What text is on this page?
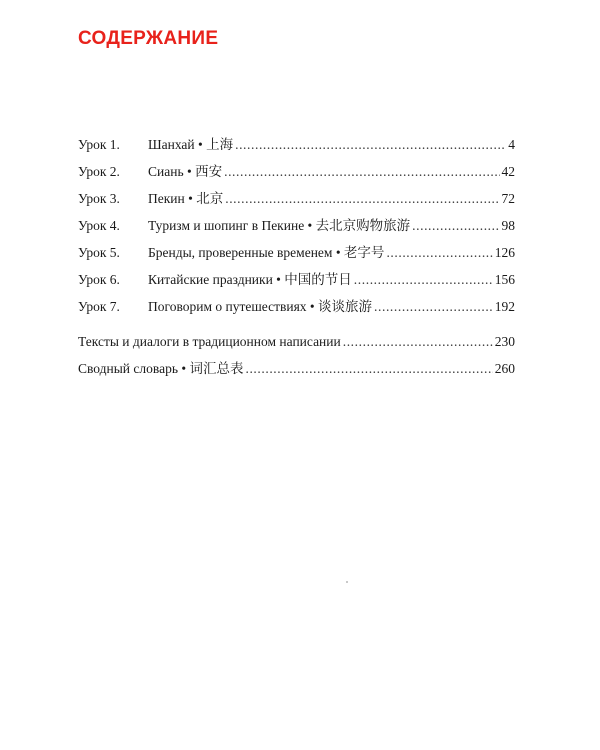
СОДЕРЖАНИЕ
Урок 1.	Шанхай • 上海 .....	4
Урок 2.	Сиань • 西安 .....	42
Урок 3.	Пекин • 北京 .....	72
Урок 4.	Туризм и шопинг в Пекине • 去北京购物旅游 .....	98
Урок 5.	Бренды, проверенные временем • 老字号 .....	126
Урок 6.	Китайские праздники • 中国的节日 .....	156
Урок 7.	Поговорим о путешествиях • 谈谈旅游 .....	192
Тексты и диалоги в традиционном написании .....	230
Сводный словарь • 词汇总表 .....	260
